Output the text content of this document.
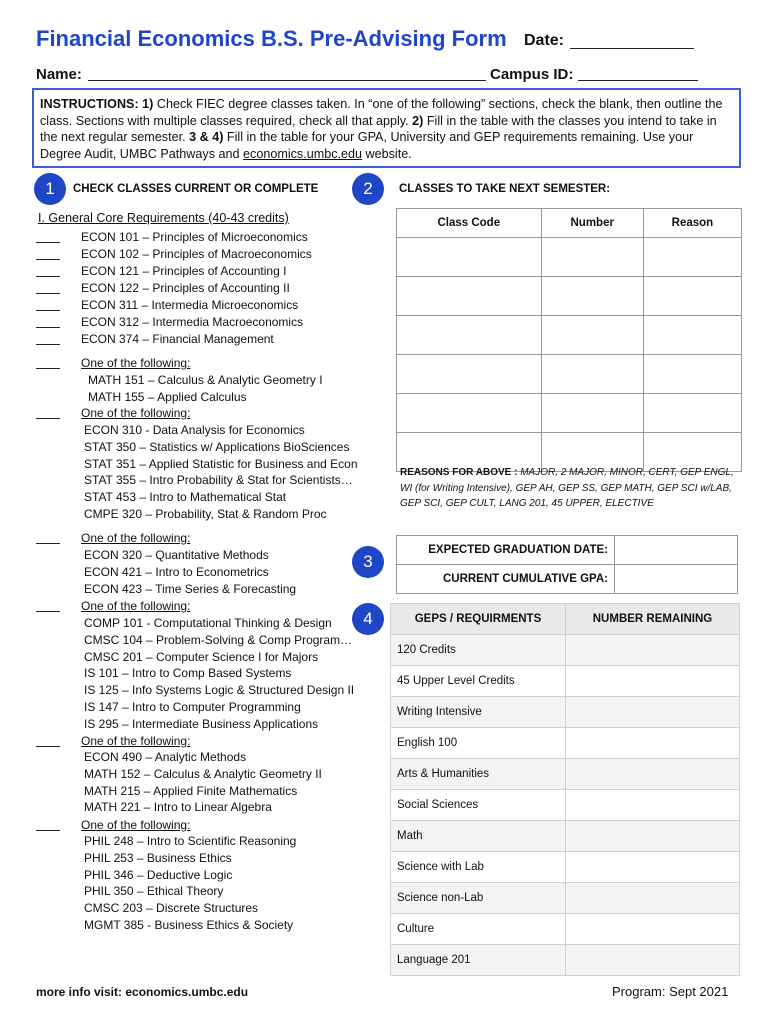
Financial Economics B.S. Pre-Advising Form Date:
Name:	Campus ID:
INSTRUCTIONS: 1) Check FIEC degree classes taken. In “one of the following” sections, check the blank, then outline the class. Sections with multiple classes required, check all that apply. 2) Fill in the table with the classes you intend to take in the next regular semester. 3 & 4) Fill in the table for your GPA, University and GEP requirements remaining. Use your Degree Audit, UMBC Pathways and economics.umbc.edu website.
1	CHECK CLASSES CURRENT OR COMPLETE	2	CLASSES TO TAKE NEXT SEMESTER:
I. General Core Requirements (40-43 credits)
ECON 101 – Principles of Microeconomics
ECON 102 – Principles of Macroeconomics
ECON 121 – Principles of Accounting I
ECON 122 – Principles of Accounting II
ECON 311 – Intermedia Microeconomics
ECON 312 – Intermedia Macroeconomics
ECON 374 – Financial Management
One of the following:
MATH 151 – Calculus & Analytic Geometry I
MATH 155 – Applied Calculus
One of the following:
ECON 310 - Data Analysis for Economics
STAT 350 – Statistics w/ Applications BioSciences
STAT 351 – Applied Statistic for Business and Econ
STAT 355 – Intro Probability & Stat for Scientists…
STAT 453 – Intro to Mathematical Stat
CMPE 320 – Probability, Stat & Random Proc
One of the following:
ECON 320 – Quantitative Methods
ECON 421 – Intro to Econometrics
ECON 423 – Time Series & Forecasting
One of the following:
COMP 101 - Computational Thinking & Design
CMSC 104 – Problem-Solving & Comp Program…
CMSC 201 – Computer Science I for Majors
IS 101 – Intro to Comp Based Systems
IS 125 – Info Systems Logic & Structured Design II
IS 147 – Intro to Computer Programming
IS 295 – Intermediate Business Applications
One of the following:
ECON 490 – Analytic Methods
MATH 152 – Calculus & Analytic Geometry II
MATH 215 – Applied Finite Mathematics
MATH 221 – Intro to Linear Algebra
One of the following:
PHIL 248 – Intro to Scientific Reasoning
PHIL 253 – Business Ethics
PHIL 346 – Deductive Logic
PHIL 350 – Ethical Theory
CMSC 203 – Discrete Structures
MGMT 385 - Business Ethics & Society
Class Code	Number	Reason

REASONS FOR ABOVE : MAJOR, 2 MAJOR, MINOR, CERT, GEP ENGL, WI (for Writing Intensive), GEP AH, GEP SS, GEP MATH, GEP SCI w/LAB, GEP SCI, GEP CULT, LANG 201, 45 UPPER, ELECTIVE
3
EXPECTED GRADUATION DATE:	
CURRENT CUMULATIVE GPA:	
4	GEPS / REQUIRMENTS	NUMBER REMAINING
120 Credits	
45 Upper Level Credits	
Writing Intensive	
English 100	
Arts & Humanities	
Social Sciences	
Math	
Science with Lab	
Science non-Lab	
Culture	
Language 201	
more info visit: economics.umbc.edu	Program: Sept 2021
